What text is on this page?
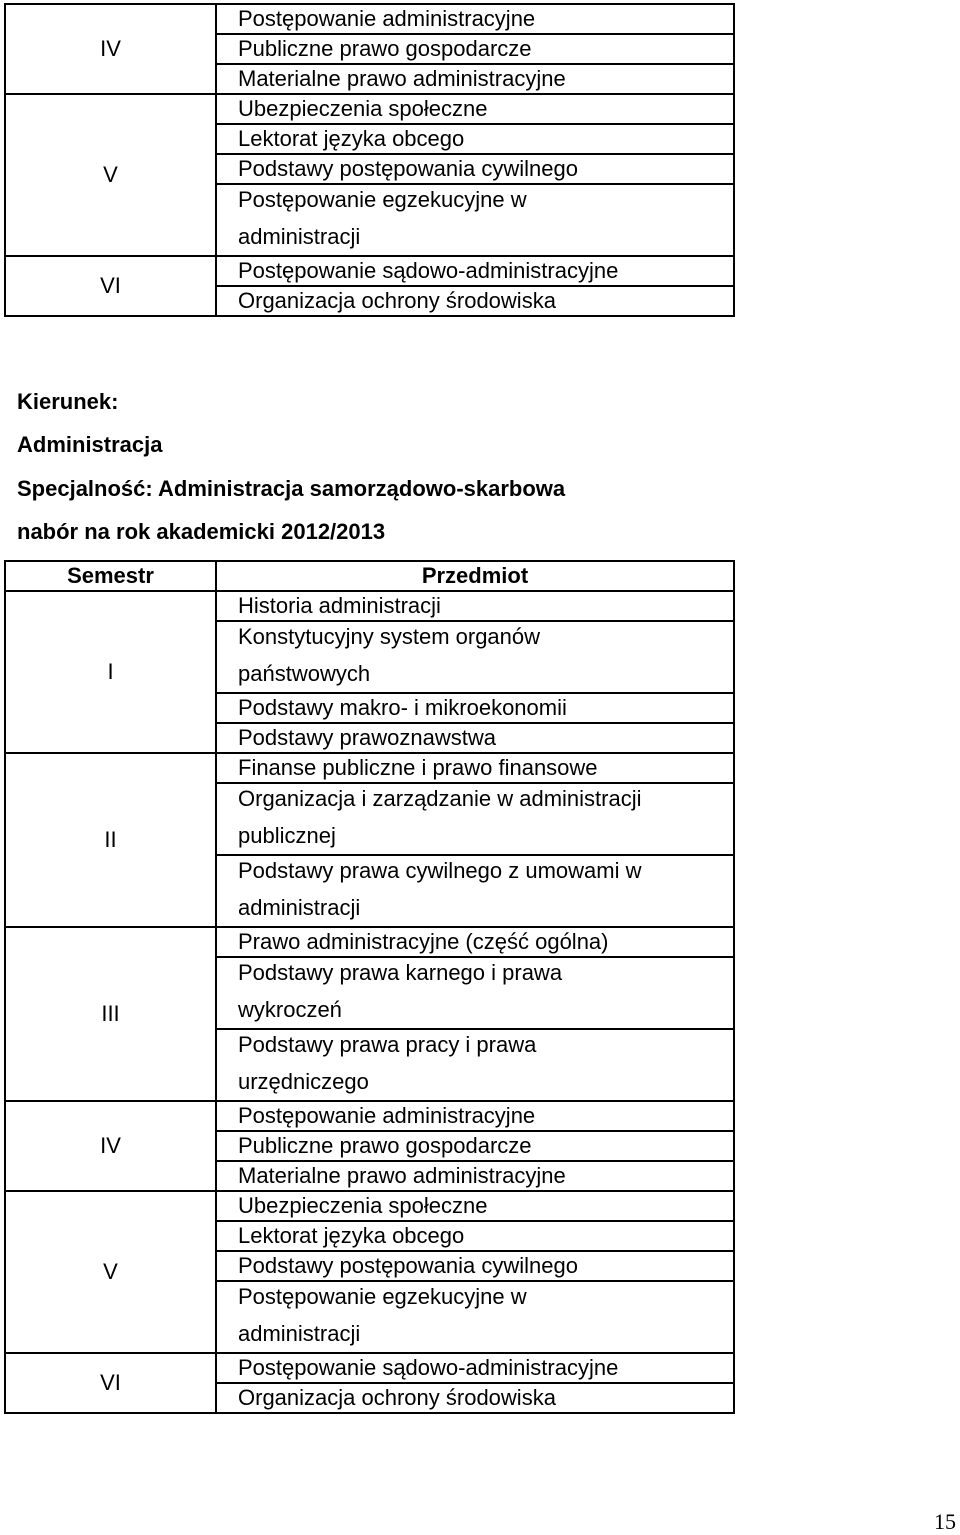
IV	Postępowanie administracyjne
	Publiczne prawo gospodarcze
	Materialne prawo administracyjne
V	Ubezpieczenia społeczne
	Lektorat języka obcego
	Podstawy postępowania cywilnego

	Postępowanie egzekucyjne w
administracji

VI	Postępowanie sądowo-administracyjne
	Organizacja ochrony środowiska
Kierunek:
Administracja
Specjalność: Administracja samorządowo-skarbowa
nabór na rok akademicki 2012/2013
Semestr	Przedmiot
I	Historia administracji

	Konstytucyjny system organów
państwowych

	Podstawy makro- i mikroekonomii
	Podstawy prawoznawstwa
II	Finanse publiczne i prawo finansowe

	Organizacja i zarządzanie w administracji
publicznej

	Podstawy prawa cywilnego z umowami w
administracji

III	Prawo administracyjne (część ogólna)

	Podstawy prawa karnego i prawa
wykroczeń

	Podstawy prawa pracy i prawa
urzędniczego

IV	Postępowanie administracyjne
	Publiczne prawo gospodarcze
	Materialne prawo administracyjne
V	Ubezpieczenia społeczne
	Lektorat języka obcego
	Podstawy postępowania cywilnego

	Postępowanie egzekucyjne w
administracji

VI	Postępowanie sądowo-administracyjne
	Organizacja ochrony środowiska
15
